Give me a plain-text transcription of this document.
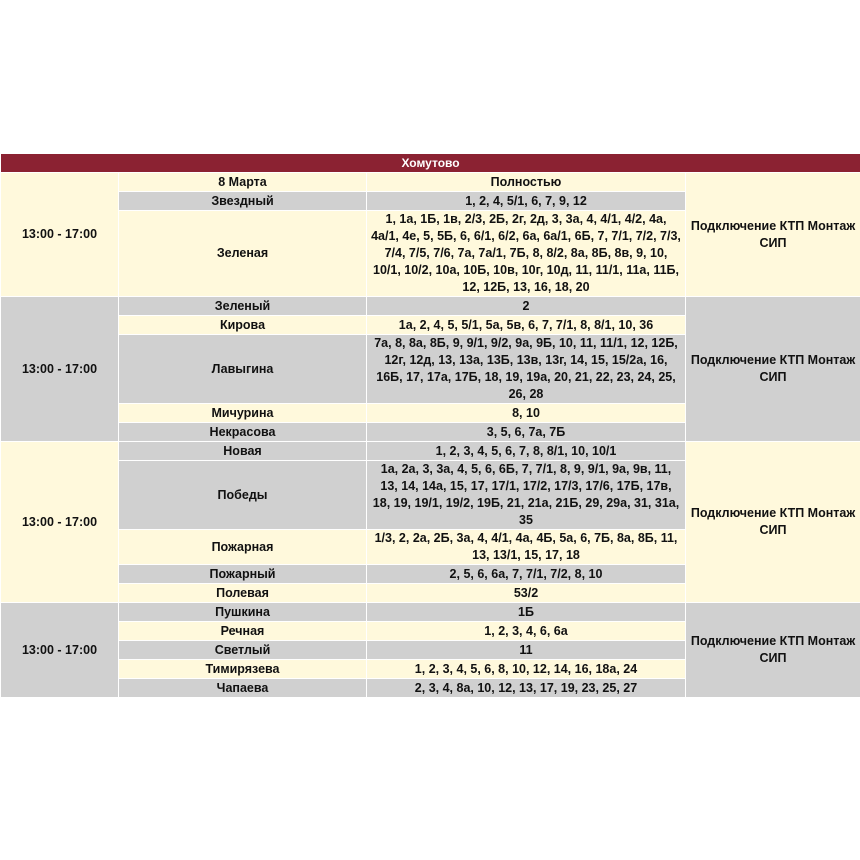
Хомутово			
13:00 - 17:00	8 Марта	Полностью	Подключение КТП Монтаж СИП
	Звездный	1, 2, 4, 5/1, 6, 7, 9, 12	
	Зеленая	1, 1а, 1Б, 1в, 2/3, 2Б, 2г, 2д, 3, 3а, 4, 4/1, 4/2, 4а, 4а/1, 4е, 5, 5Б, 6, 6/1, 6/2, 6а, 6а/1, 6Б, 7, 7/1, 7/2, 7/3, 7/4, 7/5, 7/6, 7а, 7а/1, 7Б, 8, 8/2, 8а, 8Б, 8в, 9, 10, 10/1, 10/2, 10а, 10Б, 10в, 10г, 10д, 11, 11/1, 11а, 11Б, 12, 12Б, 13, 16, 18, 20	
13:00 - 17:00	Зеленый	2	Подключение КТП Монтаж СИП
	Кирова	1а, 2, 4, 5, 5/1, 5а, 5в, 6, 7, 7/1, 8, 8/1, 10, 36	
	Лавыгина	7а, 8, 8а, 8Б, 9, 9/1, 9/2, 9а, 9Б, 10, 11, 11/1, 12, 12Б, 12г, 12д, 13, 13а, 13Б, 13в, 13г, 14, 15, 15/2а, 16, 16Б, 17, 17а, 17Б, 18, 19, 19а, 20, 21, 22, 23, 24, 25, 26, 28	
	Мичурина	8, 10	
	Некрасова	3, 5, 6, 7а, 7Б	
13:00 - 17:00	Новая	1, 2, 3, 4, 5, 6, 7, 8, 8/1, 10, 10/1	Подключение КТП Монтаж СИП
	Победы	1а, 2а, 3, 3а, 4, 5, 6, 6Б, 7, 7/1, 8, 9, 9/1, 9а, 9в, 11, 13, 14, 14а, 15, 17, 17/1, 17/2, 17/3, 17/6, 17Б, 17в, 18, 19, 19/1, 19/2, 19Б, 21, 21а, 21Б, 29, 29а, 31, 31а, 35	
	Пожарная	1/3, 2, 2а, 2Б, 3а, 4, 4/1, 4а, 4Б, 5а, 6, 7Б, 8а, 8Б, 11, 13, 13/1, 15, 17, 18	
	Пожарный	2, 5, 6, 6а, 7, 7/1, 7/2, 8, 10	
	Полевая	53/2	
13:00 - 17:00	Пушкина	1Б	Подключение КТП Монтаж СИП
	Речная	1, 2, 3, 4, 6, 6а	
	Светлый	11	
	Тимирязева	1, 2, 3, 4, 5, 6, 8, 10, 12, 14, 16, 18а, 24	
	Чапаева	2, 3, 4, 8а, 10, 12, 13, 17, 19, 23, 25, 27	
